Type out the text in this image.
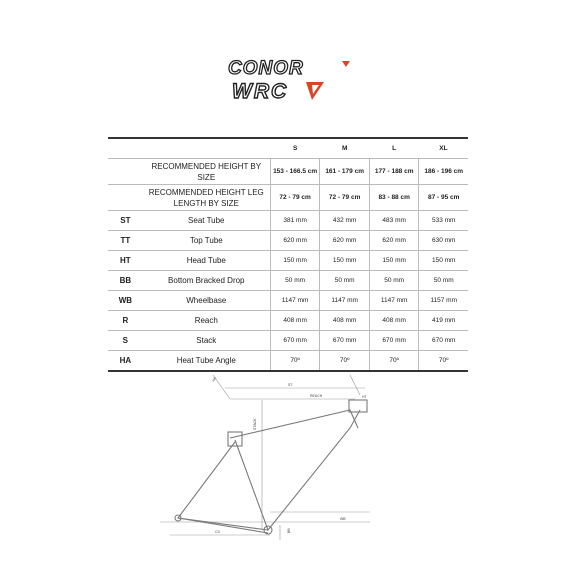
CONOR
WRC
		S	M	L	XL
	RECOMMENDED HEIGHT BY SIZE	153 - 166.5 cm	161 - 179 cm	177 - 188 cm	186 - 196 cm
	RECOMMENDED HEIGHT LEG LENGTH BY SIZE	72 - 79 cm	72 - 79 cm	83 - 88 cm	87 - 95 cm
ST	Seat Tube	381 mm	432 mm	483 mm	533 mm
TT	Top Tube	620 mm	620 mm	620 mm	630 mm
HT	Head Tube	150 mm	150 mm	150 mm	150 mm
BB	Bottom Bracked Drop	50 mm	50 mm	50 mm	50 mm
WB	Wheelbase	1147 mm	1147 mm	1147 mm	1157 mm
R	Reach	408 mm	408 mm	408 mm	419 mm
S	Stack	670 mm	670 mm	670 mm	670 mm
HA	Heat Tube Angle	70º	70º	70º	70º
ST
REACH
STACK
WB
BB
HA
CS
HT
